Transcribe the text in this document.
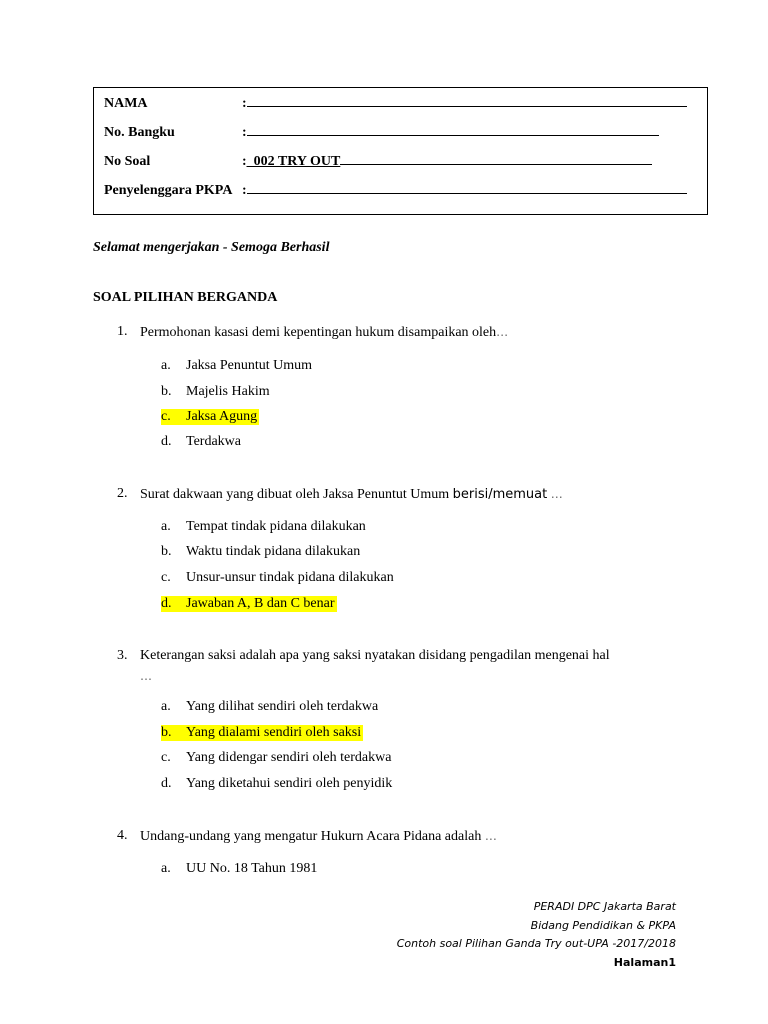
NAMA	:
No. Bangku	:
No Soal	:_002 TRY OUT
Penyelenggara PKPA :
Selamat mengerjakan - Semoga Berhasil
SOAL PILIHAN BERGANDA
1. Permohonan kasasi demi kepentingan hukum disampaikan oleh…
a. Jaksa Penuntut Umum
b. Majelis Hakim
c. Jaksa Agung
d. Terdakwa
2. Surat dakwaan yang dibuat oleh Jaksa Penuntut Umum berisi/memuat …
a. Tempat tindak pidana dilakukan
b. Waktu tindak pidana dilakukan
c. Unsur-unsur tindak pidana dilakukan
d. Jawaban A, B dan C benar
3. Keterangan saksi adalah apa yang saksi nyatakan disidang pengadilan mengenai hal
…
a. Yang dilihat sendiri oleh terdakwa
b. Yang dialami sendiri oleh saksi
c. Yang didengar sendiri oleh terdakwa
d. Yang diketahui sendiri oleh penyidik
4. Undang-undang yang mengatur Hukurn Acara Pidana adalah …
a. UU No. 18 Tahun 1981
PERADI DPC Jakarta Barat
Bidang Pendidikan & PKPA
Contoh soal Pilihan Ganda Try out-UPA -2017/2018
Halaman1
